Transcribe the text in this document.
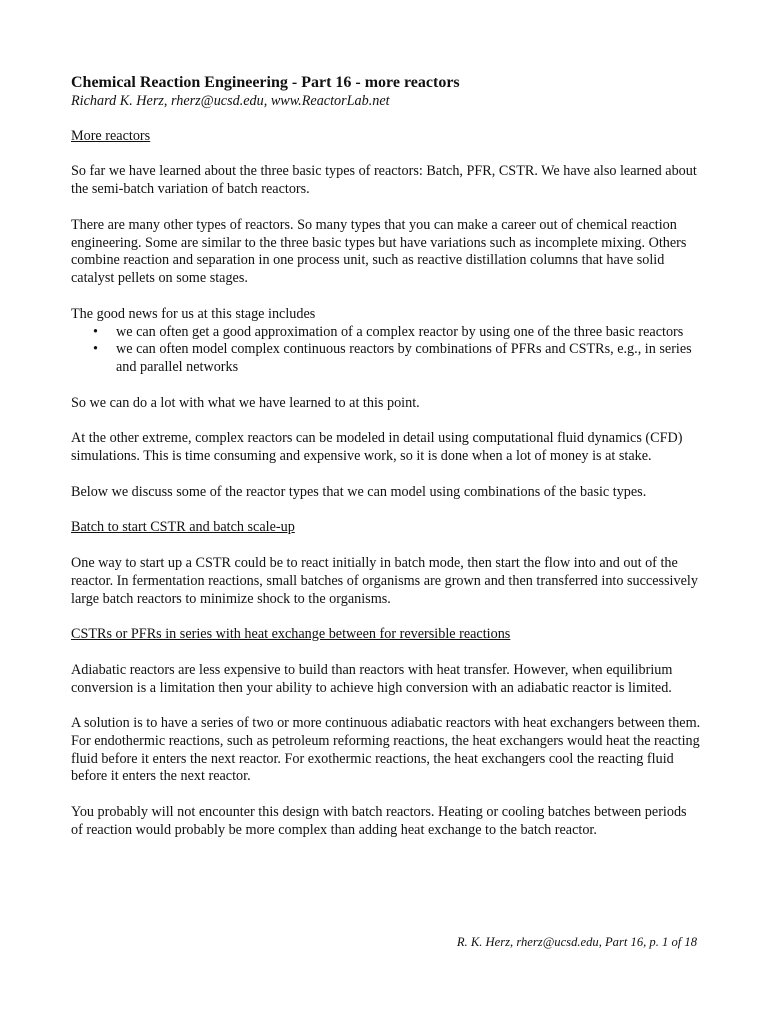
Chemical Reaction Engineering - Part 16 - more reactors
Richard K. Herz, rherz@ucsd.edu, www.ReactorLab.net
More reactors

So far we have learned about the three basic types of reactors: Batch, PFR, CSTR. We have also learned about the semi-batch variation of batch reactors.

There are many other types of reactors. So many types that you can make a career out of chemical reaction engineering. Some are similar to the three basic types but have variations such as incomplete mixing. Others combine reaction and separation in one process unit, such as reactive distillation columns that have solid catalyst pellets on some stages.

The good news for us at this stage includes

• we can often get a good approximation of a complex reactor by using one of the three basic reactors
• we can often model complex continuous reactors by combinations of PFRs and CSTRs, e.g., in series and parallel networks

So we can do a lot with what we have learned to at this point.

At the other extreme, complex reactors can be modeled in detail using computational fluid dynamics (CFD) simulations. This is time consuming and expensive work, so it is done when a lot of money is at stake.

Below we discuss some of the reactor types that we can model using combinations of the basic types.

Batch to start CSTR and batch scale-up

One way to start up a CSTR could be to react initially in batch mode, then start the flow into and out of the reactor. In fermentation reactions, small batches of organisms are grown and then transferred into successively large batch reactors to minimize shock to the organisms.

CSTRs or PFRs in series with heat exchange between for reversible reactions

Adiabatic reactors are less expensive to build than reactors with heat transfer. However, when equilibrium conversion is a limitation then your ability to achieve high conversion with an adiabatic reactor is limited.

A solution is to have a series of two or more continuous adiabatic reactors with heat exchangers between them. For endothermic reactions, such as petroleum reforming reactions, the heat exchangers would heat the reacting fluid before it enters the next reactor. For exothermic reactions, the heat exchangers cool the reacting fluid before it enters the next reactor.

You probably will not encounter this design with batch reactors. Heating or cooling batches between periods of reaction would probably be more complex than adding heat exchange to the batch reactor.

R. K. Herz, rherz@ucsd.edu, Part 16, p. 1 of 18
